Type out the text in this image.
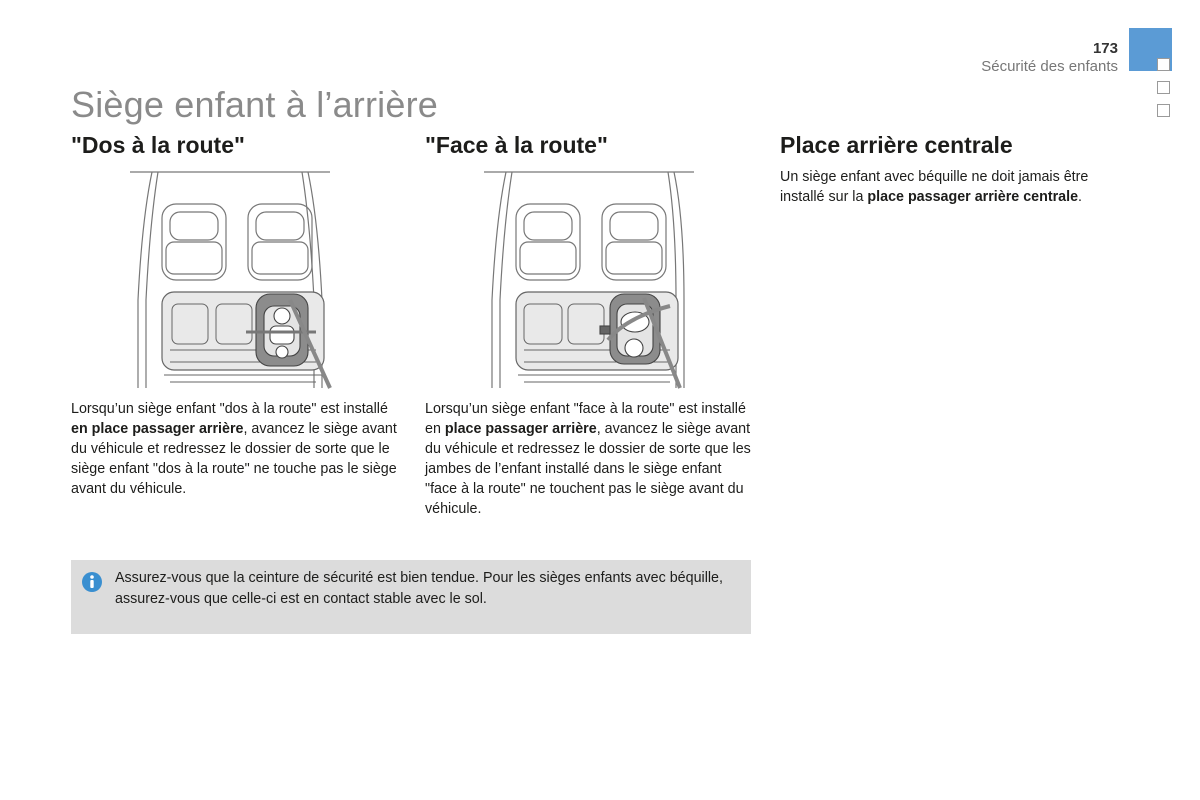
173
Sécurité des enfants
Siège enfant à l’arrière
"Dos à la route"
Lorsqu’un siège enfant "dos à la route" est installé en place passager arrière, avancez le siège avant du véhicule et redressez le dossier de sorte que le siège enfant "dos à la route" ne touche pas le siège avant du véhicule.
"Face à la route"
Lorsqu’un siège enfant "face à la route" est installé en place passager arrière, avancez le siège avant du véhicule et redressez le dossier de sorte que les jambes de l’enfant installé dans le siège enfant "face à la route" ne touchent pas le siège avant du véhicule.
Place arrière centrale
Un siège enfant avec béquille ne doit jamais être installé sur la place passager arrière centrale.
Assurez-vous que la ceinture de sécurité est bien tendue. Pour les sièges enfants avec béquille, assurez-vous que celle-ci est en contact stable avec le sol.
